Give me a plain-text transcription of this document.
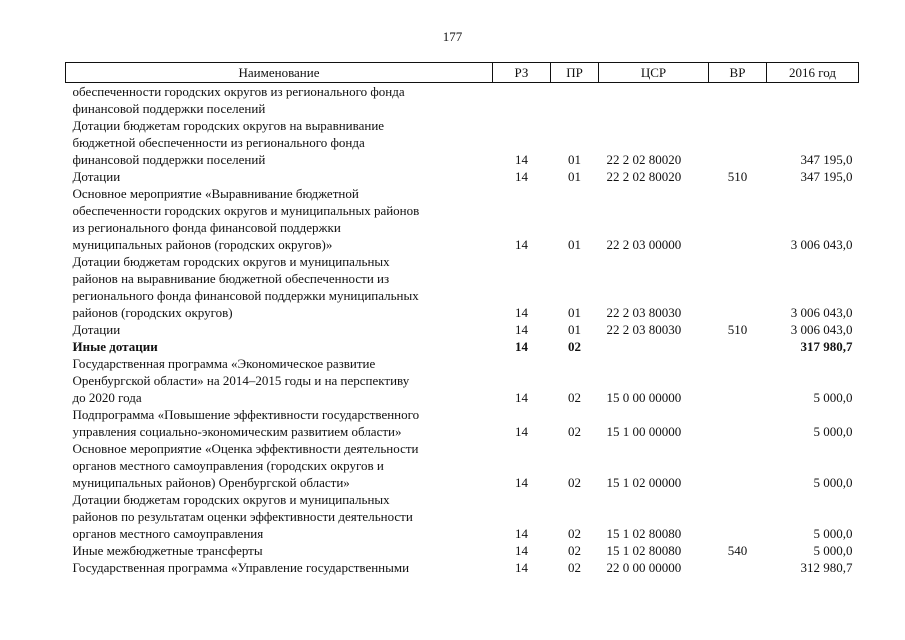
177
Наименование	РЗ	ПР	ЦСР	ВР	2016 год
обеспеченности городских округов из регионального фонда
финансовой поддержки поселений					
Дотации бюджетам городских округов на выравнивание
бюджетной обеспеченности из регионального фонда
финансовой поддержки поселений	14	01	22 2 02 80020		347 195,0
Дотации	14	01	22 2 02 80020	510	347 195,0
Основное мероприятие «Выравнивание бюджетной
обеспеченности городских округов и муниципальных районов
из регионального фонда финансовой поддержки
муниципальных районов (городских округов)»	14	01	22 2 03 00000		3 006 043,0
Дотации бюджетам городских округов и муниципальных
районов на выравнивание бюджетной обеспеченности из
регионального фонда финансовой поддержки муниципальных
районов (городских округов)	14	01	22 2 03 80030		3 006 043,0
Дотации	14	01	22 2 03 80030	510	3 006 043,0
Иные дотации	14	02			317 980,7
Государственная программа «Экономическое развитие
Оренбургской области» на 2014–2015 годы и на перспективу
до 2020 года	14	02	15 0 00 00000		5 000,0
Подпрограмма «Повышение эффективности государственного
управления социально-экономическим развитием области»	14	02	15 1 00 00000		5 000,0
Основное мероприятие «Оценка эффективности деятельности
органов местного самоуправления (городских округов и
муниципальных районов) Оренбургской области»	14	02	15 1 02 00000		5 000,0
Дотации бюджетам городских округов и муниципальных
районов по результатам оценки эффективности деятельности
органов местного самоуправления	14	02	15 1 02 80080		5 000,0
Иные межбюджетные трансферты	14	02	15 1 02 80080	540	5 000,0
Государственная программа «Управление государственными	14	02	22 0 00 00000		312 980,7
